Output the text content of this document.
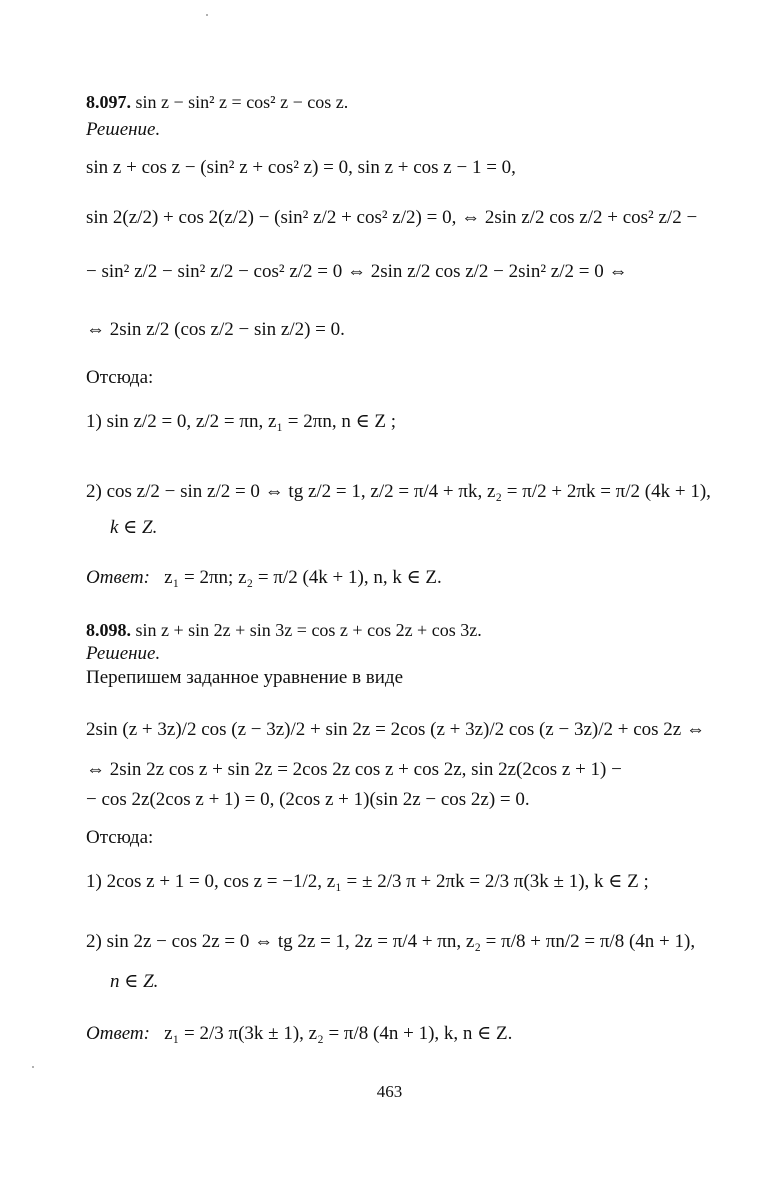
8.097. sin z − sin² z = cos² z − cos z.
Решение.
sin z + cos z − (sin² z + cos² z) = 0, sin z + cos z − 1 = 0,
sin 2(z/2) + cos 2(z/2) − (sin² z/2 + cos² z/2) = 0, ⇔ 2sin z/2 cos z/2 + cos² z/2 −
− sin² z/2 − sin² z/2 − cos² z/2 = 0 ⇔ 2sin z/2 cos z/2 − 2sin² z/2 = 0 ⇔
⇔ 2sin z/2 (cos z/2 − sin z/2) = 0.
Отсюда:
1) sin z/2 = 0, z/2 = πn, z₁ = 2πn, n ∈ Z ;
2) cos z/2 − sin z/2 = 0 ⇔ tg z/2 = 1, z/2 = π/4 + πk, z₂ = π/2 + 2πk = π/2 (4k + 1),
k ∈ Z.
Ответ: z₁ = 2πn; z₂ = π/2 (4k + 1), n, k ∈ Z.
8.098. sin z + sin 2z + sin 3z = cos z + cos 2z + cos 3z.
Решение.
Перепишем заданное уравнение в виде
2sin (z + 3z)/2 cos (z − 3z)/2 + sin 2z = 2cos (z + 3z)/2 cos (z − 3z)/2 + cos 2z ⇔
⇔ 2sin 2z cos z + sin 2z = 2cos 2z cos z + cos 2z, sin 2z(2cos z + 1) −
− cos 2z(2cos z + 1) = 0, (2cos z + 1)(sin 2z − cos 2z) = 0.
Отсюда:
1) 2cos z + 1 = 0, cos z = −1/2, z₁ = ± 2/3 π + 2πk = 2/3 π(3k ± 1), k ∈ Z ;
2) sin 2z − cos 2z = 0 ⇔ tg 2z = 1, 2z = π/4 + πn, z₂ = π/8 + πn/2 = π/8 (4n + 1),
n ∈ Z.
Ответ: z₁ = 2/3 π(3k ± 1), z₂ = π/8 (4n + 1), k, n ∈ Z.
463
